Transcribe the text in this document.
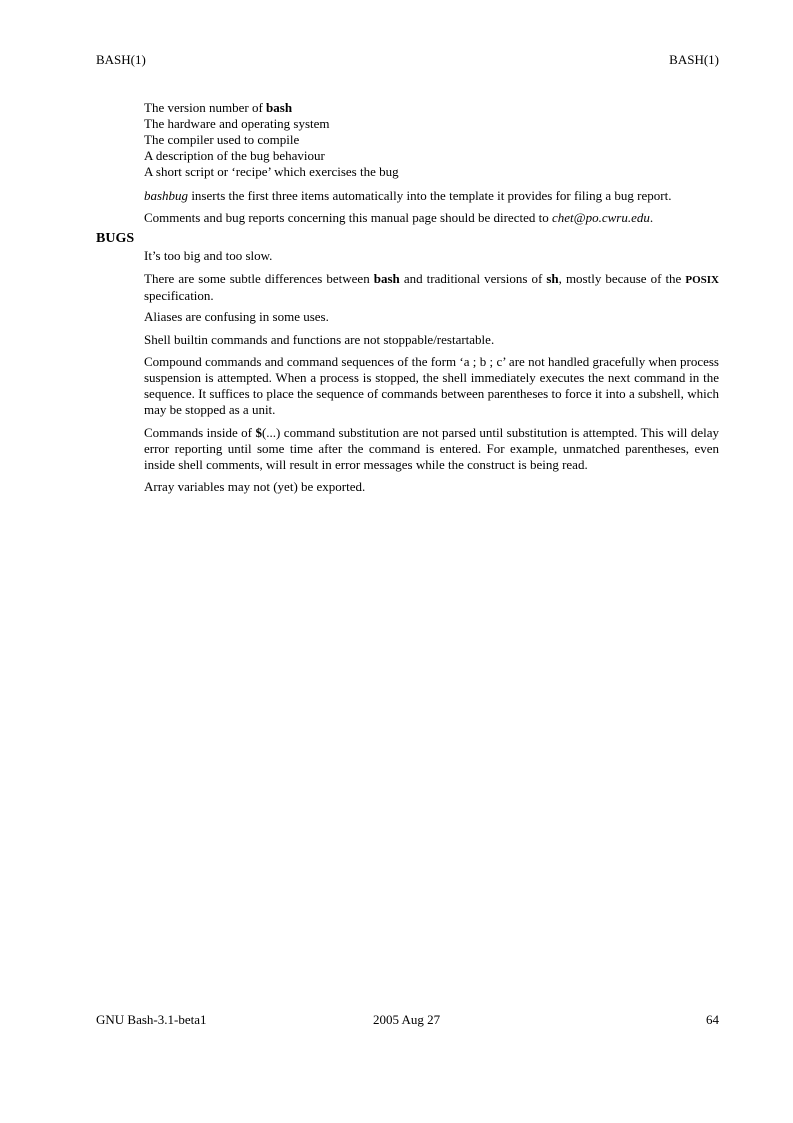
BASH(1)	BASH(1)
The version number of bash
The hardware and operating system
The compiler used to compile
A description of the bug behaviour
A short script or ‘recipe’ which exercises the bug
bashbug inserts the first three items automatically into the template it provides for filing a bug report.
Comments and bug reports concerning this manual page should be directed to chet@po.cwru.edu.
BUGS
It’s too big and too slow.
There are some subtle differences between bash and traditional versions of sh, mostly because of the POSIX specification.
Aliases are confusing in some uses.
Shell builtin commands and functions are not stoppable/restartable.
Compound commands and command sequences of the form ‘a ; b ; c’ are not handled gracefully when process suspension is attempted. When a process is stopped, the shell immediately executes the next command in the sequence. It suffices to place the sequence of commands between parentheses to force it into a subshell, which may be stopped as a unit.
Commands inside of $(...) command substitution are not parsed until substitution is attempted. This will delay error reporting until some time after the command is entered. For example, unmatched parentheses, even inside shell comments, will result in error messages while the construct is being read.
Array variables may not (yet) be exported.
GNU Bash-3.1-beta1	2005 Aug 27	64
